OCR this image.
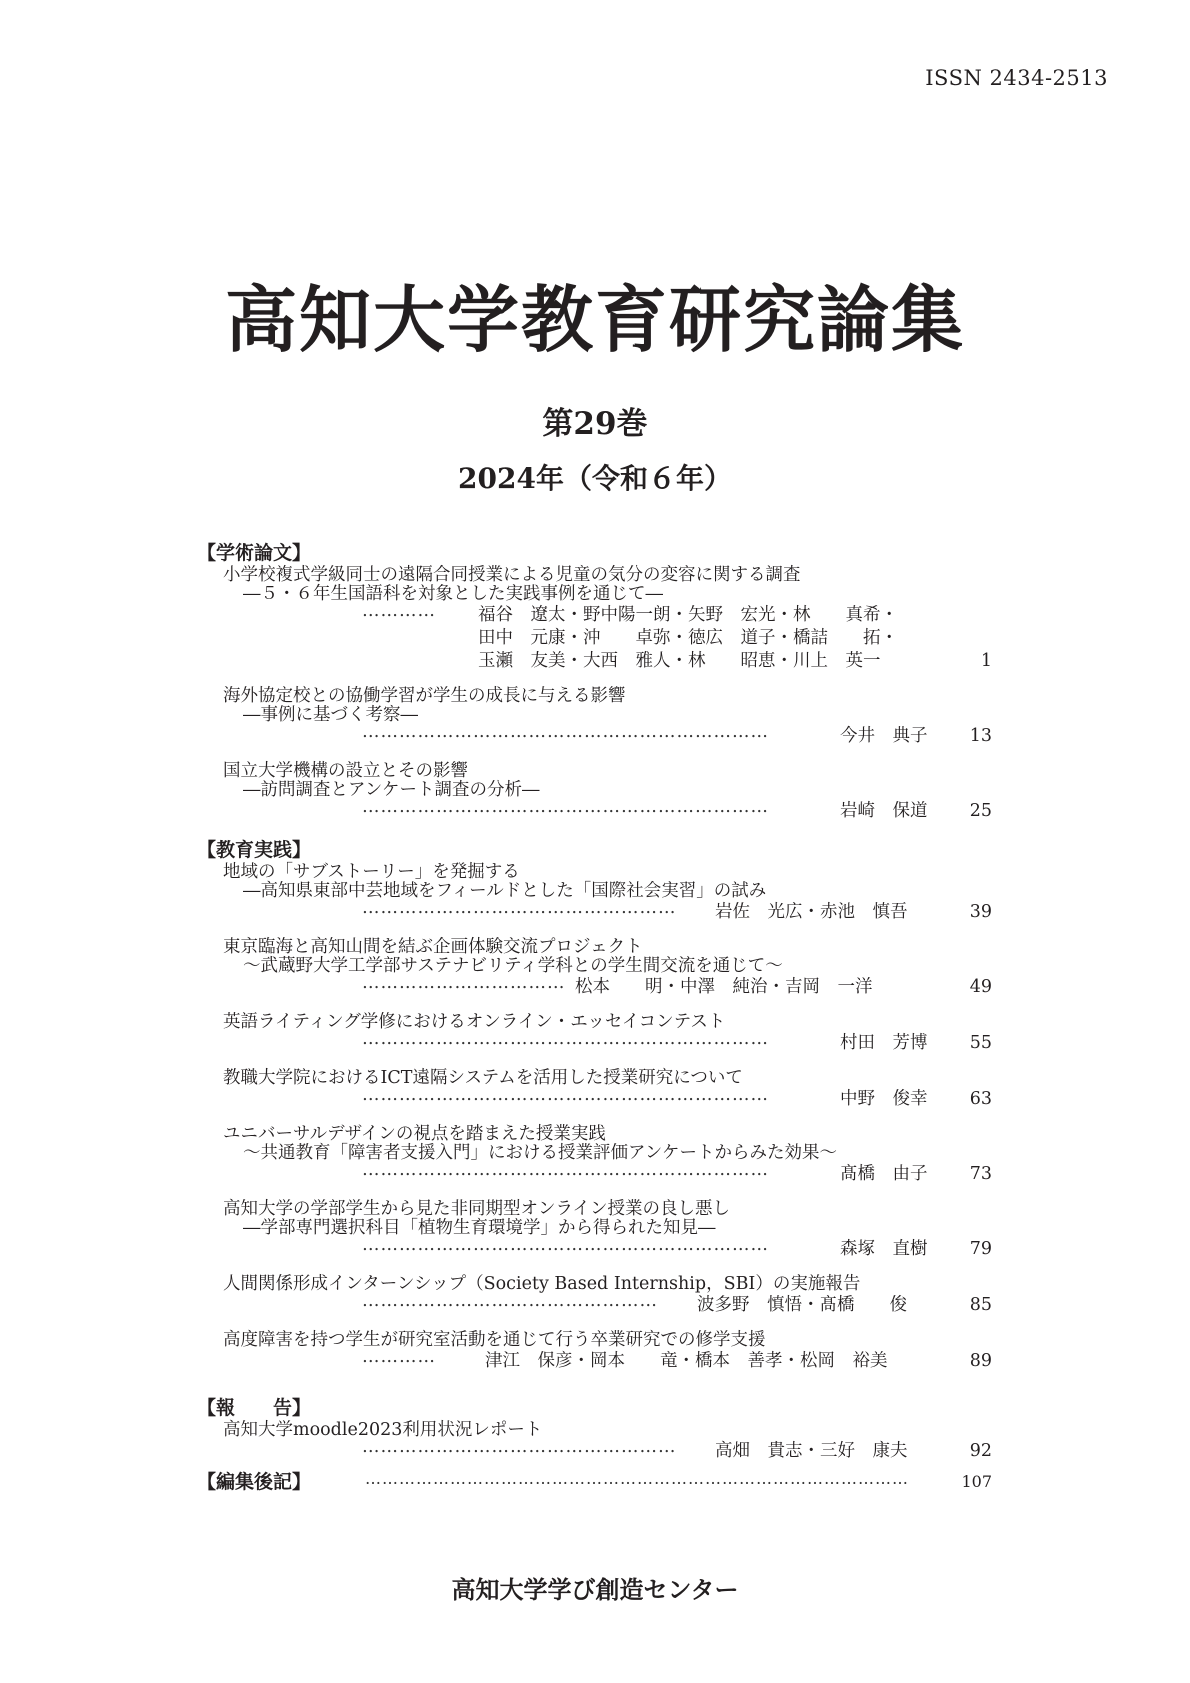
ISSN 2434-2513
高知大学教育研究論集
第29巻
2024年（令和６年）
【学術論文】
小学校複式学級同士の遠隔合同授業による児童の気分の変容に関する調査
―５・６年生国語科を対象とした実践事例を通じて―
………… 福谷　遼太・野中陽一朗・矢野　宏光・林　　真希・
田中　元康・沖　　卓弥・徳広　道子・橋詰　　拓・
玉瀬　友美・大西　雅人・林　　昭恵・川上　英一	1
海外協定校との協働学習が学生の成長に与える影響
―事例に基づく考察―
…………………………………………………………	今井　典子	13
国立大学機構の設立とその影響
―訪問調査とアンケート調査の分析―
…………………………………………………………	岩崎　保道	25
【教育実践】
地域の「サブストーリー」を発掘する
―高知県東部中芸地域をフィールドとした「国際社会実習」の試み
…………………………………………… 岩佐　光広・赤池　慎吾	39
東京臨海と高知山間を結ぶ企画体験交流プロジェクト
～武蔵野大学工学部サステナビリティ学科との学生間交流を通じて～
…………………………… 松本　　明・中澤　純治・吉岡　一洋	49
英語ライティング学修におけるオンライン・エッセイコンテスト
…………………………………………………………	村田　芳博	55
教職大学院におけるICT遠隔システムを活用した授業研究について
…………………………………………………………	中野　俊幸	63
ユニバーサルデザインの視点を踏まえた授業実践
～共通教育「障害者支援入門」における授業評価アンケートからみた効果～
…………………………………………………………	髙橋　由子	73
高知大学の学部学生から見た非同期型オンライン授業の良し悪し
―学部専門選択科目「植物生育環境学」から得られた知見―
…………………………………………………………	森塚　直樹	79
人間関係形成インターンシップ（Society Based Internship，SBI）の実施報告
………………………………………… 波多野　慎悟・髙橋　　俊	85
高度障害を持つ学生が研究室活動を通じて行う卒業研究での修学支援
…………	津江　保彦・岡本　　竜・橋本　善孝・松岡　裕美	89
【報　　告】
高知大学moodle2023利用状況レポート
…………………………………………… 高畑　貴志・三好　康夫	92
【編集後記】	……………………………………………………………………………………	107
高知大学学び創造センター
